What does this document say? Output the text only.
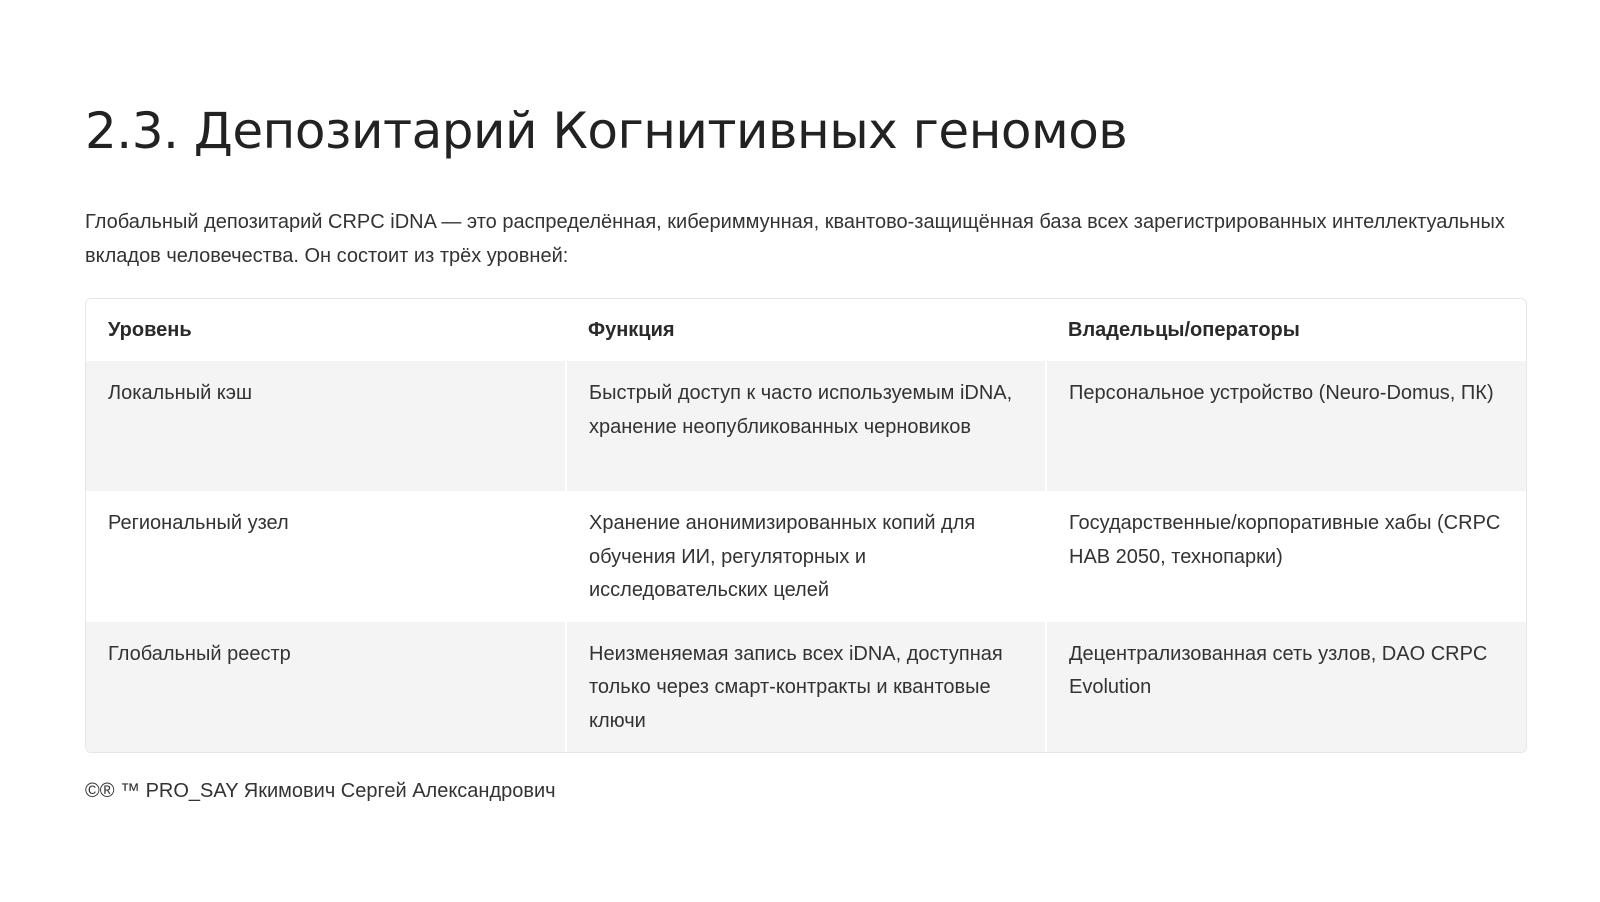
2.3. Депозитарий Когнитивных геномов

Глобальный депозитарий CRPC iDNA — это распределённая, кибериммунная, квантово-защищённая база всех зарегистрированных интеллектуальных вкладов человечества. Он состоит из трёх уровней:

Уровень	Функция	Владельцы/операторы
Локальный кэш	Быстрый доступ к часто используемым iDNA, хранение неопубликованных черновиков	Персональное устройство (Neuro-Domus, ПК)
Региональный узел	Хранение анонимизированных копий для обучения ИИ, регуляторных и исследовательских целей	Государственные/корпоративные хабы (CRPC HAB 2050, технопарки)
Глобальный реестр	Неизменяемая запись всех iDNA, доступная только через смарт-контракты и квантовые ключи	Децентрализованная сеть узлов, DAO CRPC Evolution

©® ™ PRO_SAY Якимович Сергей Александрович
